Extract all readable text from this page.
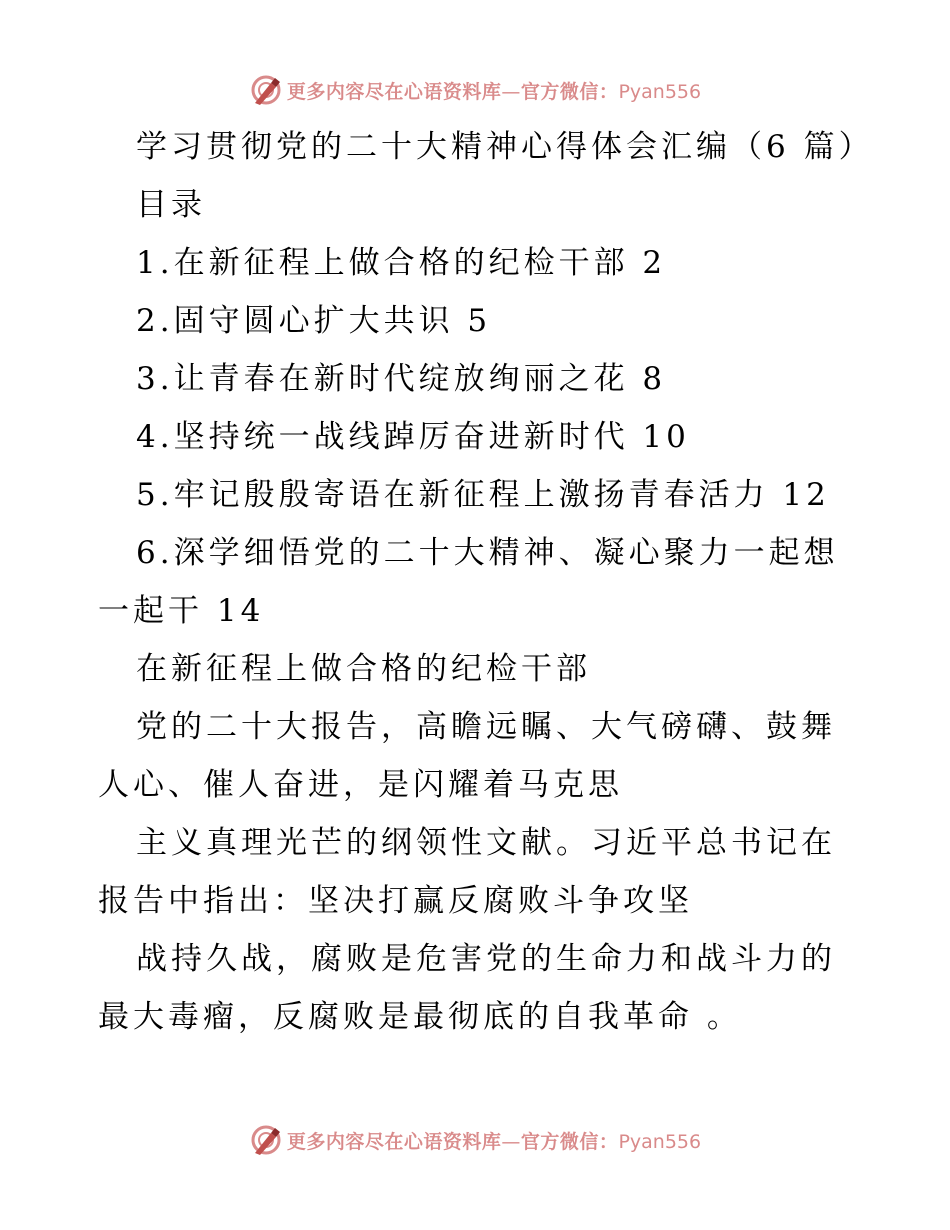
更多内容尽在心语资料库—官方微信：Pyan556
学习贯彻党的二十大精神心得体会汇编（6 篇）
目录
1.在新征程上做合格的纪检干部 2
2.固守圆心扩大共识 5
3.让青春在新时代绽放绚丽之花 8
4.坚持统一战线踔厉奋进新时代 10
5.牢记殷殷寄语在新征程上激扬青春活力 12

6.深学细悟党的二十大精神、凝心聚力一起想一起干 14

在新征程上做合格的纪检干部

党的二十大报告，高瞻远瞩、大气磅礴、鼓舞人心、催人奋进，是闪耀着马克思

主义真理光芒的纲领性文献。习近平总书记在报告中指出：坚决打赢反腐败斗争攻坚

战持久战，腐败是危害党的生命力和战斗力的最大毒瘤，反腐败是最彻底的自我革命 。

更多内容尽在心语资料库—官方微信：Pyan556
